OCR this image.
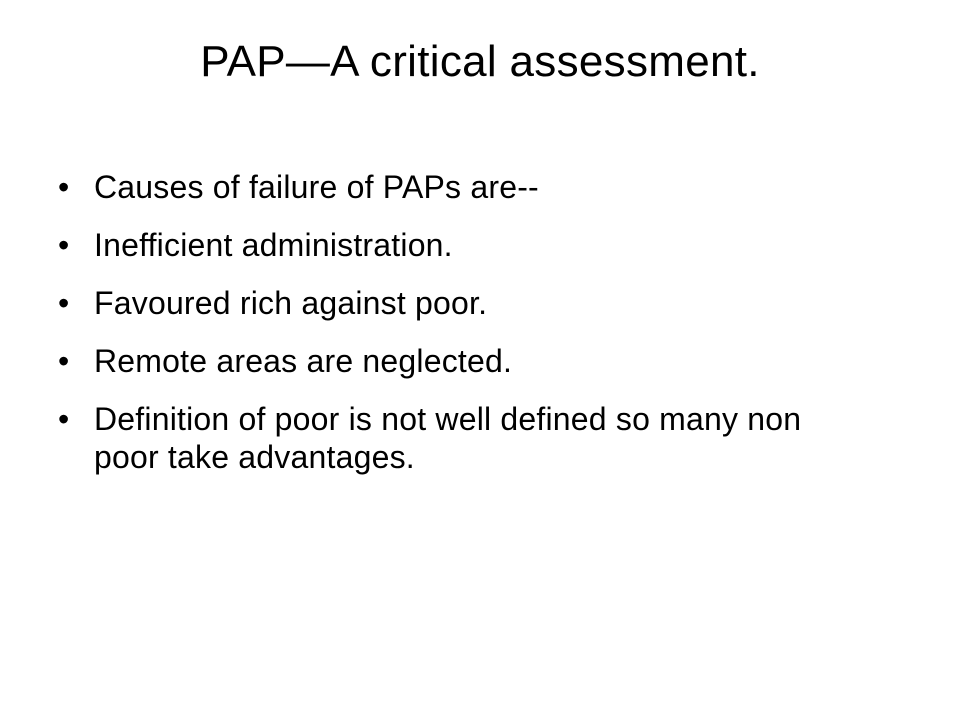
PAP—A critical assessment.
• Causes of failure of PAPs are--
• Inefficient administration.
• Favoured rich against poor.
• Remote areas are neglected.
• Definition of poor is not well defined so many non poor take advantages.
